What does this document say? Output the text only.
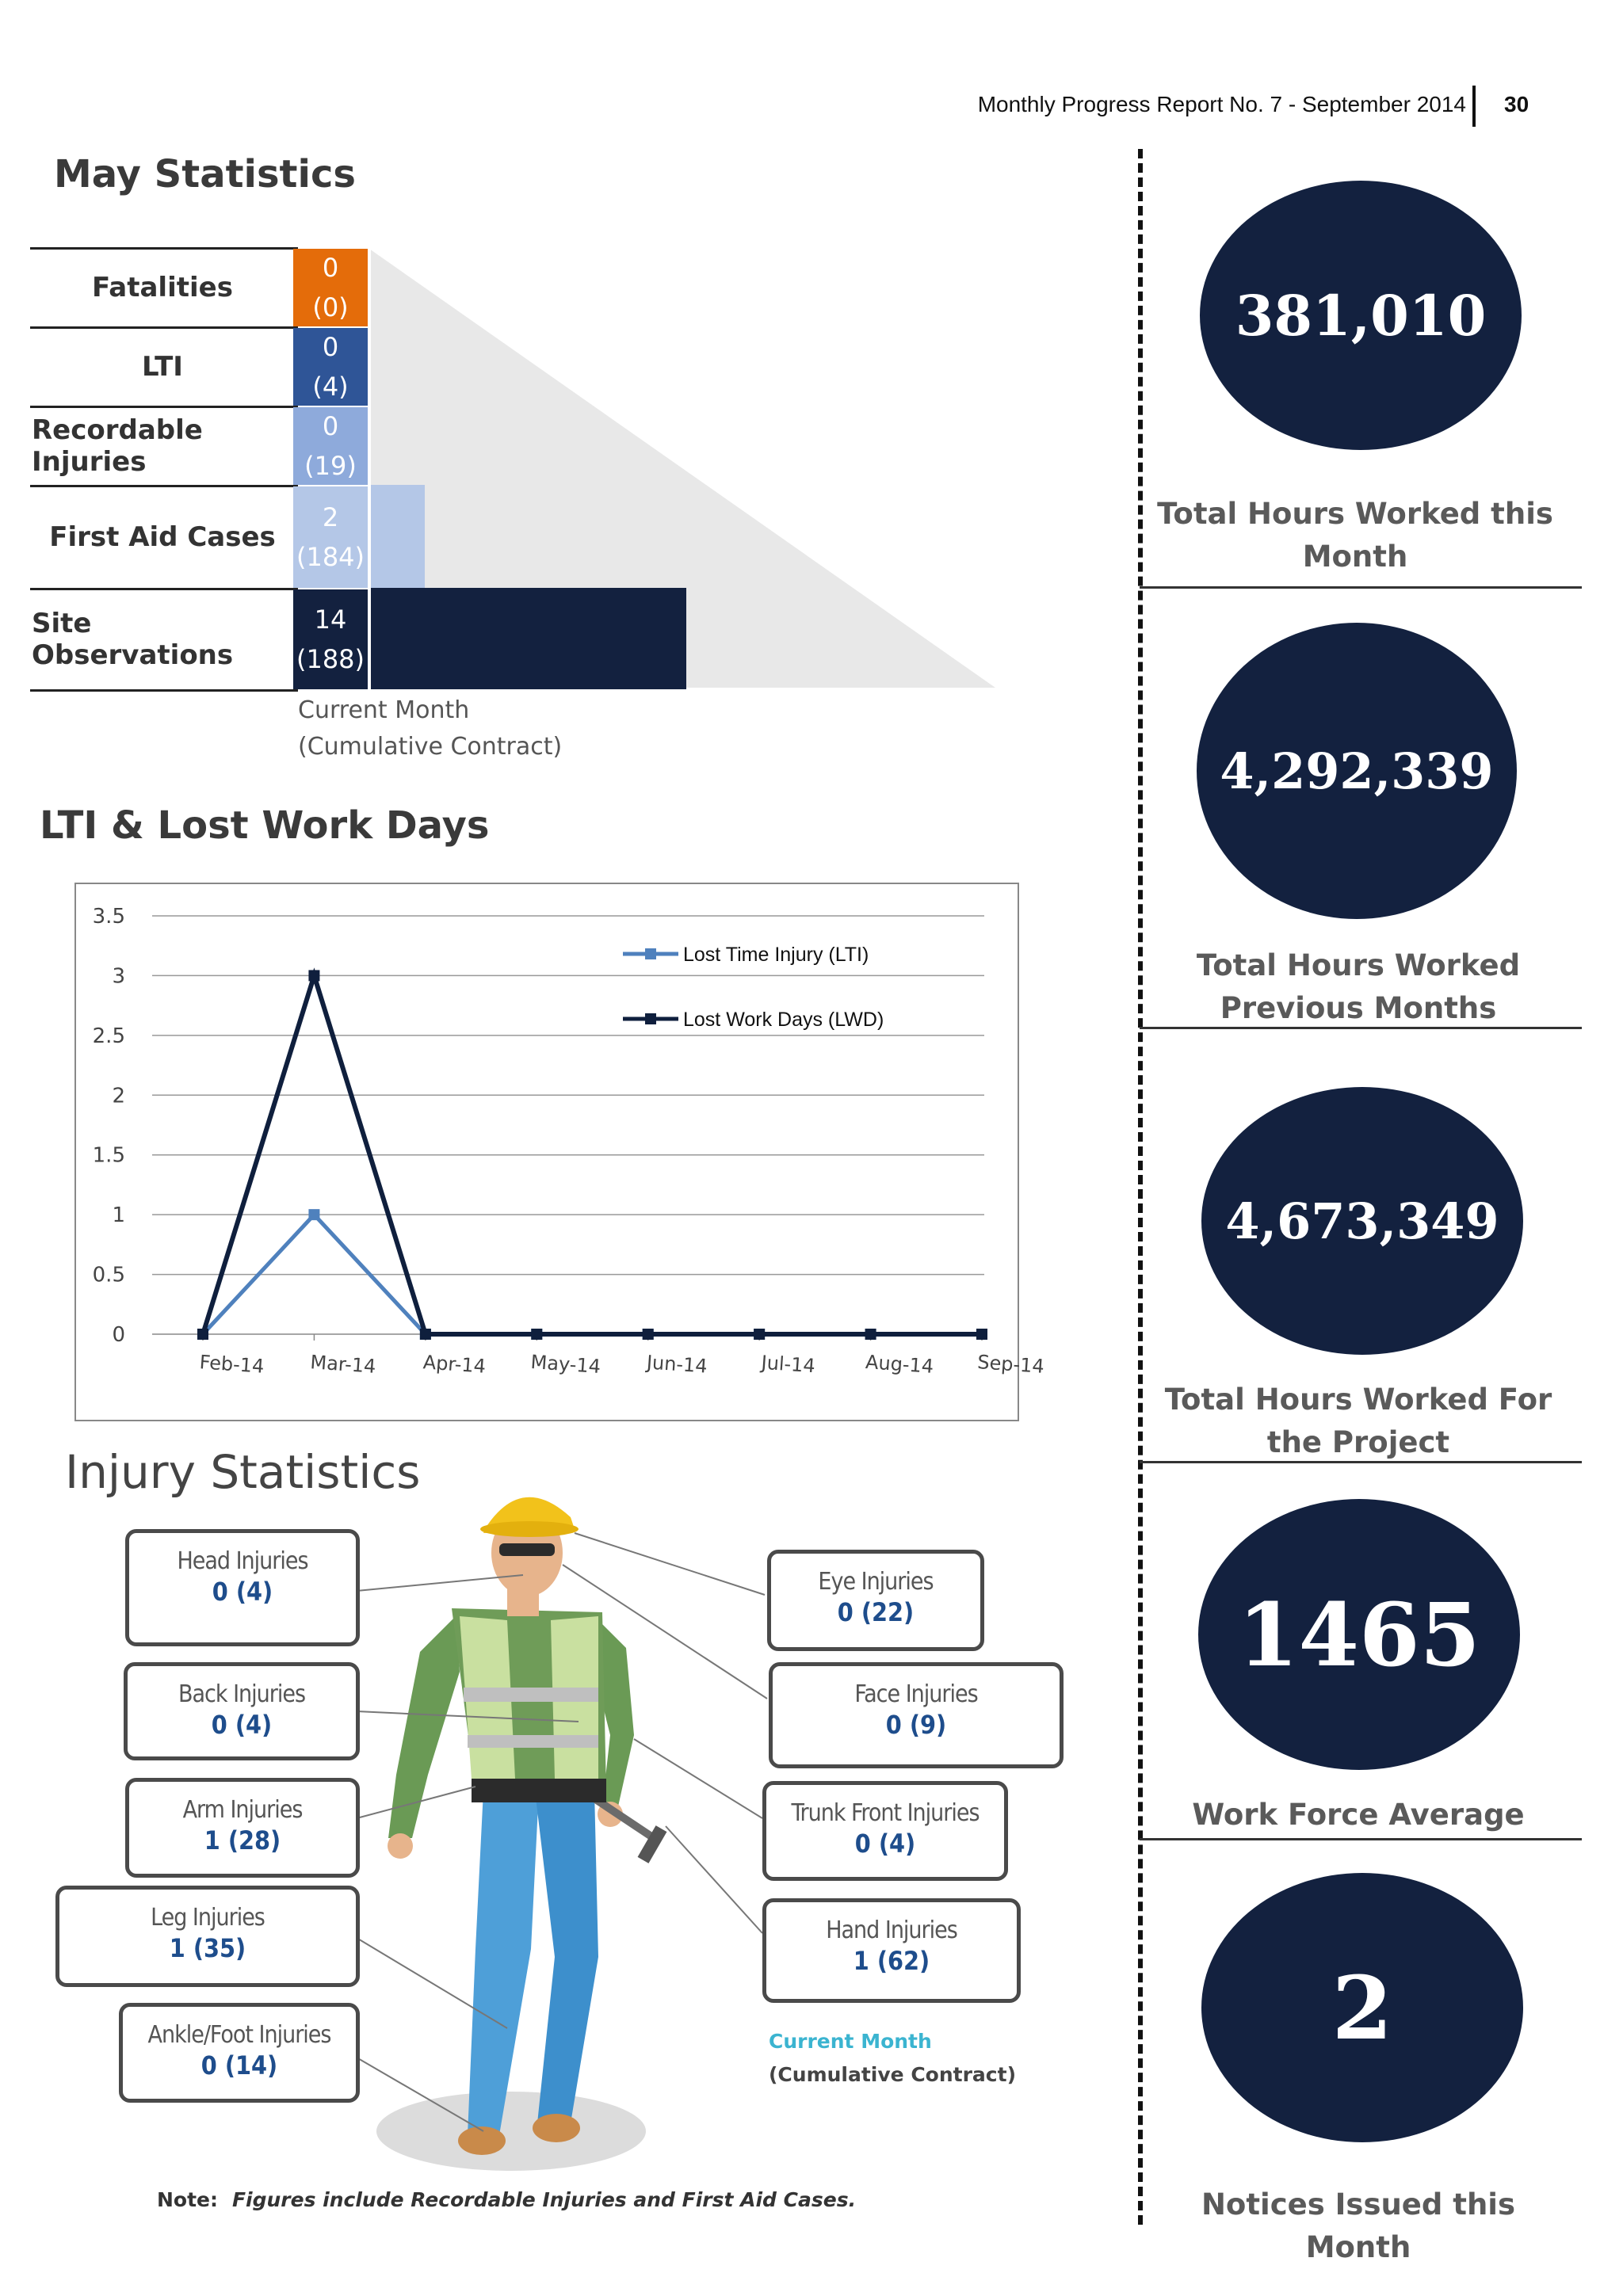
Monthly Progress Report No. 7 - September 2014 30
May Statistics
Fatalities
LTI
Recordable Injuries
First Aid Cases
Site Observations
0
(0)
0
(4)
0
(19)
2
(184)
14
(188)
Current Month
(Cumulative Contract)
LTI & Lost Work Days
0
0.5
1
1.5
2
2.5
3
3.5
Feb-14 Mar-14 Apr-14 May-14 Jun-14	Jul-14	Aug-14 Sep-14
Lost Time Injury (LTI)
Lost Work Days (LWD)
Injury Statistics
Head Injuries
0 (4)
Back Injuries
0 (4)
Arm Injuries
1 (28)
Leg Injuries
1 (35)
Ankle/Foot Injuries
0 (14)
Eye Injuries
0 (22)
Face Injuries
0 (9)
Trunk Front Injuries
0 (4)
Hand Injuries
1 (62)
Current Month
(Cumulative Contract)
Note: Figures include Recordable Injuries and First Aid Cases.
381,010
Total Hours Worked this Month
4,292,339
Total Hours Worked Previous Months
4,673,349
Total Hours Worked For the Project
1465
Work Force Average
2
Notices Issued this Month
